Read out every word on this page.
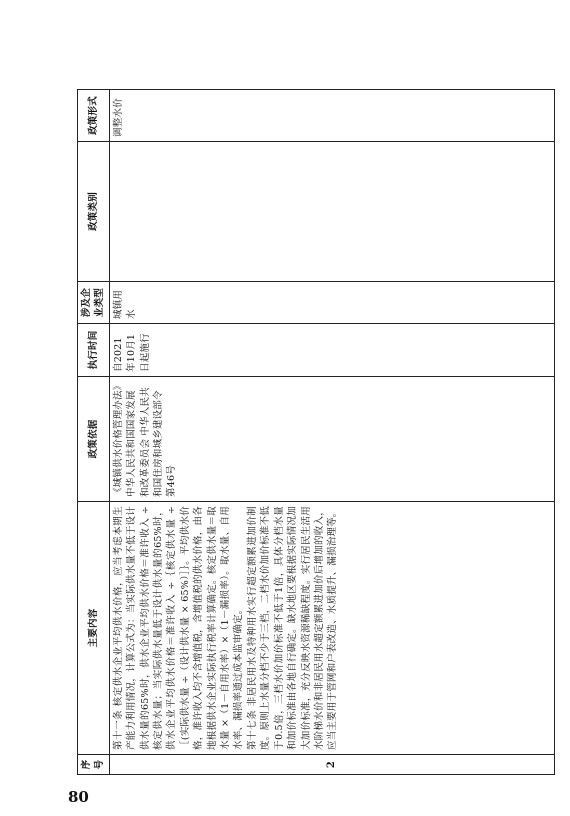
序号	主要内容	政策依据	执行时间	涉及企业类型	政策类别	政策形式
2	第十一条 核定供水企业平均供水价格，应当考虑本期生产能力利用情况，计算公式为：当实际供水量不低于设计供水量的65%时，供水企业平均供水价格＝准许收入 ÷ 核定供水量；当实际供水量低于设计供水量的65%时，供水企业平均供水价格＝准许收入 ÷｛核定供水量 ÷［(实际供水量 ÷（设计供水量 × 65%）］｝。平均供水价格，准许收入均不含增值税，含增值税的供水价格，由各地根据供水企业实际执行税率计算确定。核定供水量＝取水量 ×（1－自用水率）×（1－漏损率）。取水量、自用水率、漏损率通过成本监审确定。 第十七条 非居民用水及特种用水实行超定额累进加价制度。原则上水量分档不少于三档，二档水价加价标准不低于0.5倍，三档水价加价标准不低于1倍，具体分档水量和加价标准由各地自行确定。缺水地区要根据实际情况加大加价标准，充分反映水资源稀缺程度。实行居民生活用水阶梯水价和非居民用水超定额累进加价后增加的收入，应当主要用于管网和户表改造、水质提升、漏损治理等。	《城镇供水价格管理办法》中华人民共和国国家发展和改革委员会 中华人民共和国住房和城乡建设部令 第46号	自2021年10月1日起施行	城镇用水		调整水价
80
